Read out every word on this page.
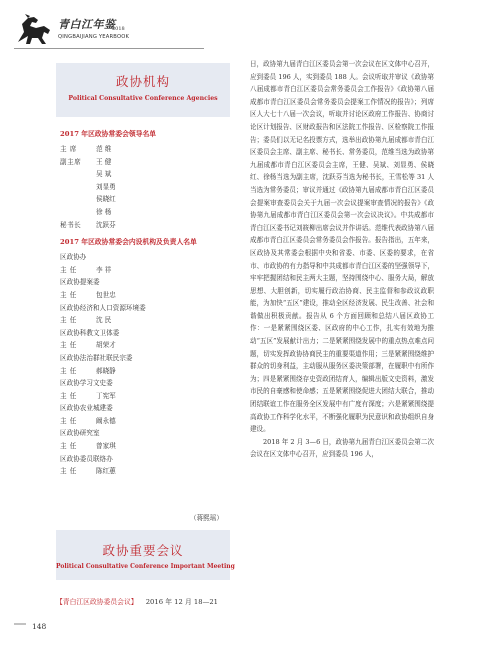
青白江年鉴
2018
QINGBAIJIANG YEARBOOK
政协机构
Political Consultative Conference Agencies
2017 年区政协常委会领导名单
主 席	范 维
副主席 王 健
吴 斌
刘显勇
侯晓红
徐 杨
秘书长 沈跃芬
2017 年区政协常委会内设机构及负责人名单
区政协办
主 任	李 祥
区政协提案委
主 任	包世忠
区政协经济和人口资源环境委
主 任	沈 民
区政协科教文卫体委
主 任	胡荣才
区政协法治群社联民宗委
主 任	郝晓静
区政协学习文史委
主 任	丁宪军
区政协农业城建委
主 任	阚永德
区政协研究室
主 任	曾家琪
区政协委员联络办
主 任	陈红蕙
（蒋熙瑶）
政协重要会议
Political Consultative Conference Important Meeting
【青白江区政协委员会议】 2016 年 12 月 18—21

日，政协第九届青白江区委员会第一次会议在区文体中心召开，应到委员 196 人，实到委员 188 人。会议听取并审议《政协第八届成都市青白江区委员会常务委员会工作报告》《政协第八届成都市青白江区委员会常务委员会提案工作情况的报告》；列席区人大七十八届一次会议，听取并讨论区政府工作报告、协商讨论区计划报告、区财政报告和区法院工作报告、区检察院工作报告；委员们以无记名投票方式，选举出政协第九届成都市青白江区委员会主席、副主席、秘书长、常务委员，范维当选为政协第九届成都市青白江区委员会主席，王健、吴斌、刘显勇、侯晓红、徐杨当选为副主席，沈跃芬当选为秘书长，王雪松等 31 人当选为常务委员；审议并通过《政协第九届成都市青白江区委员会提案审查委员会关于九届一次会议提案审查情况的报告》《政协第九届成都市青白江区委员会第一次会议决议》。中共成都市青白江区委书记刘筱柳出席会议并作讲话。范维代表政协第八届成都市青白江区委员会常务委员会作报告。报告指出，五年来，区政协及其常委会根据中央和省委、市委、区委的要求，在省市、市政协的有力指导和中共成都市青白江区委的坚强领导下，牢牢把握团结和民主两大主题，坚持围绕中心、服务大局，解放思想、大胆创新，切实履行政治协商、民主监督和参政议政职能，为加快“五区”建设，推动全区经济发展、民生改善、社会和谐做出积极贡献。报告从 6 个方面回顾和总结八届区政协工作：一是紧紧围绕区委、区政府的中心工作，扎实有效地为推动“五区”发展献计出力；二是紧紧围绕发展中的重点热点难点问题，切实发挥政协协商民主的重要渠道作用；三是紧紧围绕维护群众的切身利益，主动服从服务区委决策部署，在履职中有所作为；四是紧紧围绕存史资政团结育人，编辑出版文史资料，激发市民的自豪感和使命感；五是紧紧围绕促进大团结大联合，推动团结联谊工作在服务全区发展中有广度有深度；六是紧紧围绕提高政协工作科学化水平，不断强化履职为民意识和政协组织自身建设。

2018 年 2 月 3—6 日，政协第九届青白江区委员会第二次会议在区文体中心召开，应到委员 196 人，

148
